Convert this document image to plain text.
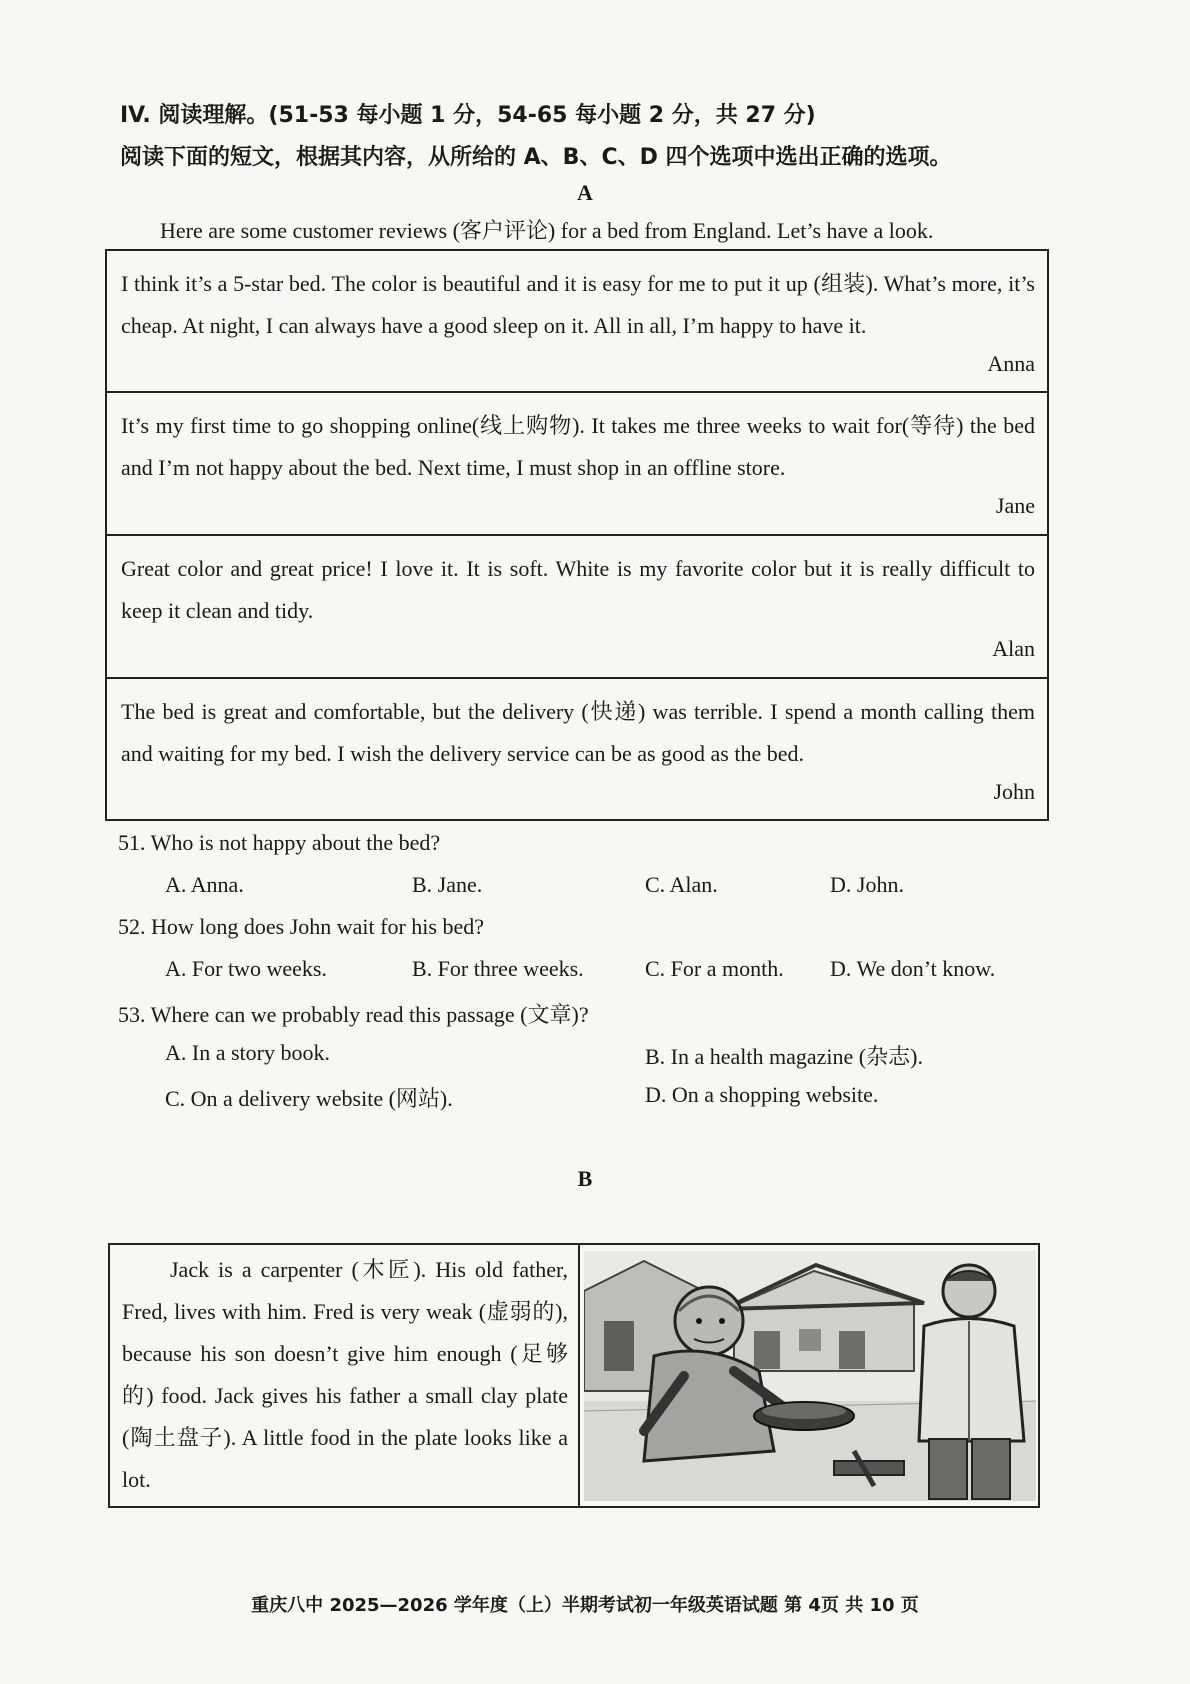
IV. 阅读理解。(51-53 每小题 1 分，54-65 每小题 2 分，共 27 分)
阅读下面的短文，根据其内容，从所给的 A、B、C、D 四个选项中选出正确的选项。
A
Here are some customer reviews (客户评论) for a bed from England. Let’s have a look.
I think it’s a 5-star bed. The color is beautiful and it is easy for me to put it up (组装). What’s more, it’s cheap. At night, I can always have a good sleep on it. All in all, I’m happy to have it.
Anna
It’s my first time to go shopping online(线上购物). It takes me three weeks to wait for(等待) the bed and I’m not happy about the bed. Next time, I must shop in an offline store.
Jane
Great color and great price! I love it. It is soft. White is my favorite color but it is really difficult to keep it clean and tidy.
Alan
The bed is great and comfortable, but the delivery (快递) was terrible. I spend a month calling them and waiting for my bed. I wish the delivery service can be as good as the bed.
John
51. Who is not happy about the bed?
A. Anna.	B. Jane.	C. Alan.	D. John.
52. How long does John wait for his bed?
A. For two weeks.	B. For three weeks.	C. For a month. D. We don’t know.
53. Where can we probably read this passage (文章)?
A. In a story book.	B. In a health magazine (杂志).
C. On a delivery website (网站).	D. On a shopping website.
B
Jack is a carpenter (木匠). His old father, Fred, lives with him. Fred is very weak (虚弱的), because his son doesn’t give him enough (足够的) food. Jack gives his father a small clay plate (陶土盘子). A little food in the plate looks like a lot.
重庆八中 2025—2026 学年度（上）半期考试初一年级英语试题 第 4页 共 10 页
